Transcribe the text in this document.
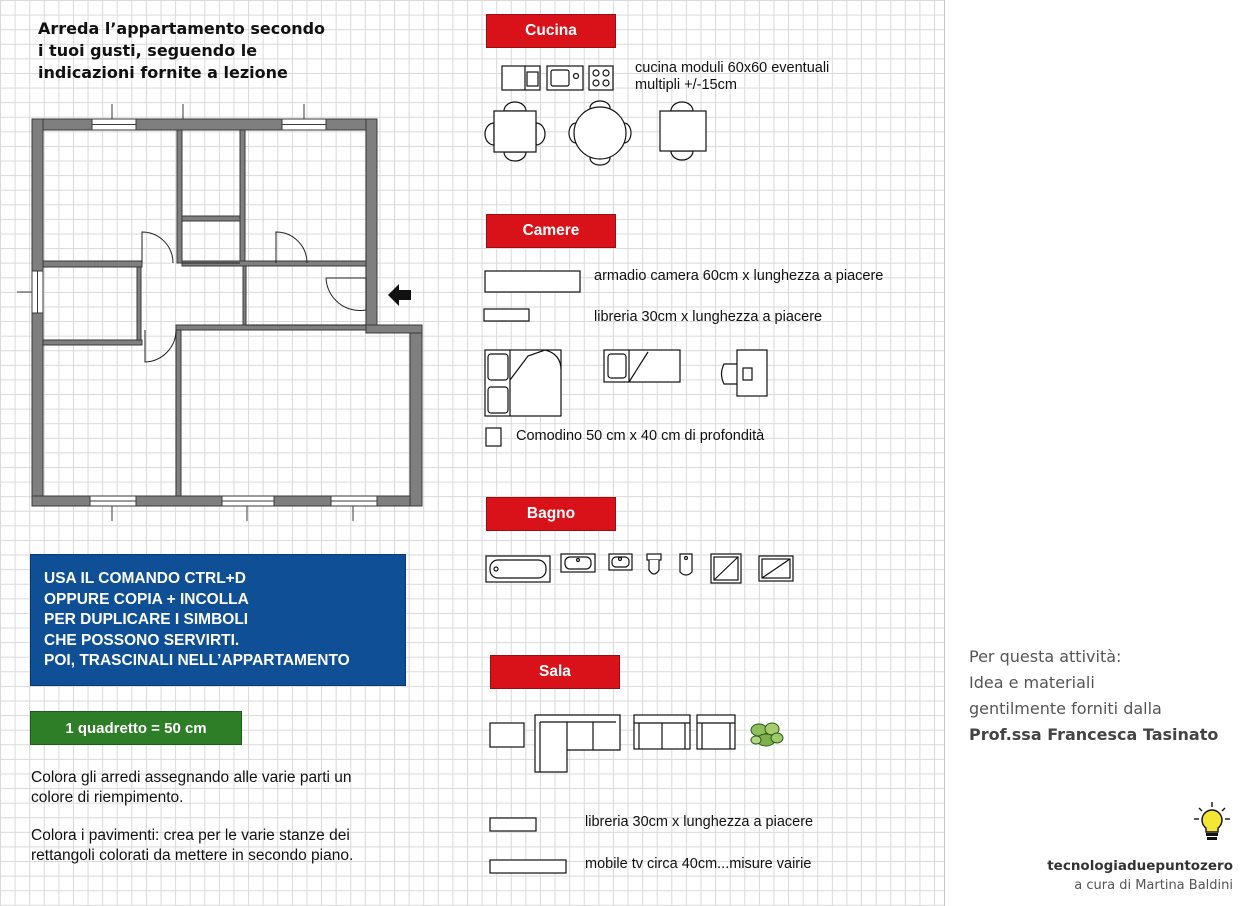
Arreda l’appartamento secondo
i tuoi gusti, seguendo le
indicazioni fornite a lezione
USA IL COMANDO CTRL+D
OPPURE COPIA + INCOLLA
PER DUPLICARE I SIMBOLI
CHE POSSONO SERVIRTI.
POI, TRASCINALI NELL’APPARTAMENTO
1 quadretto = 50 cm
Colora gli arredi assegnando alle varie parti un
colore di riempimento.
Colora i pavimenti: crea per le varie stanze dei
rettangoli colorati da mettere in secondo piano.
Cucina
cucina moduli 60x60 eventuali
multipli +/-15cm
Camere
armadio camera 60cm x lunghezza a piacere
libreria 30cm x lunghezza a piacere
Comodino 50 cm x 40 cm di profondità
Bagno
Sala
libreria 30cm x lunghezza a piacere
mobile tv circa 40cm...misure vairie
Per questa attività:
Idea e materiali
gentilmente forniti dalla
Prof.ssa Francesca Tasinato
tecnologiaduepuntozero
a cura di Martina Baldini
